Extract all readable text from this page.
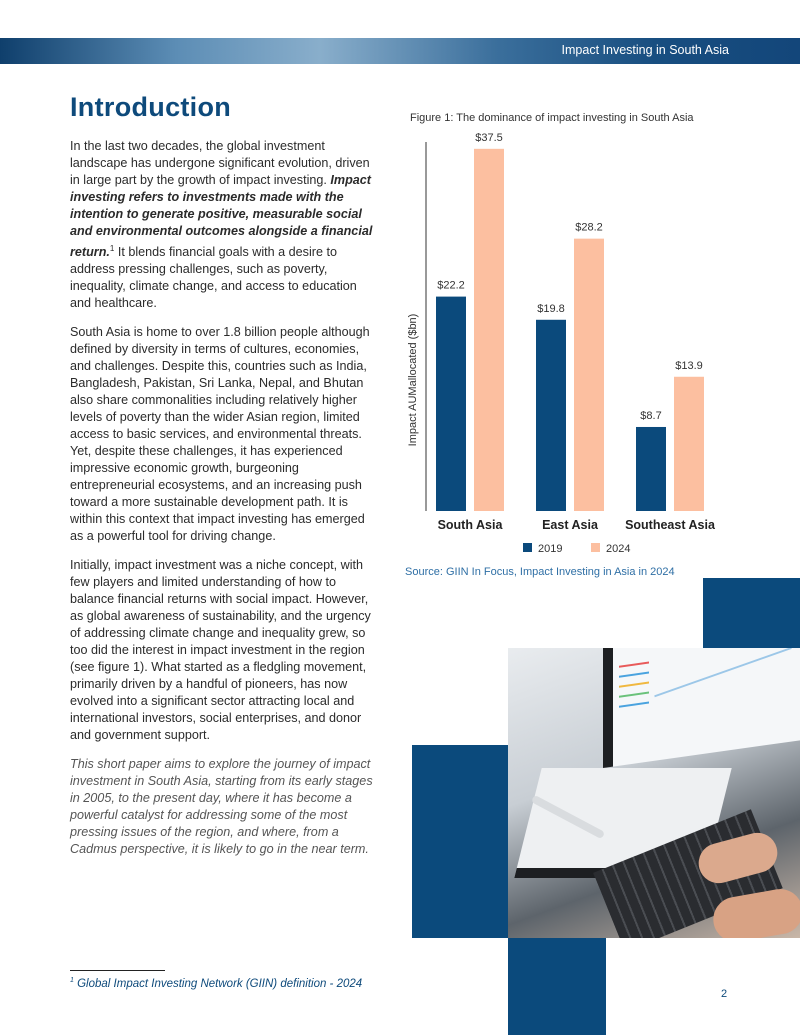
Impact Investing in South Asia
Introduction

In the last two decades, the global investment landscape has undergone significant evolution, driven in large part by the growth of impact investing. Impact investing refers to investments made with the intention to generate positive, measurable social and environmental outcomes alongside a financial return.$^1$ It blends financial goals with a desire to address pressing challenges, such as poverty, inequality, climate change, and access to education and healthcare.

South Asia is home to over 1.8 billion people although defined by diversity in terms of cultures, economies, and challenges. Despite this, countries such as India, Bangladesh, Pakistan, Sri Lanka, Nepal, and Bhutan also share commonalities including relatively higher levels of poverty than the wider Asian region, limited access to basic services, and environmental threats. Yet, despite these challenges, it has experienced impressive economic growth, burgeoning entrepreneurial ecosystems, and an increasing push toward a more sustainable development path. It is within this context that impact investing has emerged as a powerful tool for driving change.

Initially, impact investment was a niche concept, with few players and limited understanding of how to balance financial returns with social impact. However, as global awareness of sustainability, and the urgency of addressing climate change and inequality grew, so too did the interest in impact investment in the region (see figure 1). What started as a fledgling movement, primarily driven by a handful of pioneers, has now evolved into a significant sector attracting local and international investors, social enterprises, and donor and government support.

This short paper aims to explore the journey of impact investment in South Asia, starting from its early stages in 2005, to the present day, where it has become a powerful catalyst for addressing some of the most pressing issues of the region, and where, from a Cadmus perspective, it is likely to go in the near term.

$^1$ Global Impact Investing Network (GIIN) definition - 2024
2
Figure 1: The dominance of impact investing in South Asia
Impact AUMallocated ($bn)
$22.2
$37.5
$19.8
$28.2
$8.7
$13.9
South Asia	East Asia Southeast Asia
2019	2024
Source: GIIN In Focus, Impact Investing in Asia in 2024
